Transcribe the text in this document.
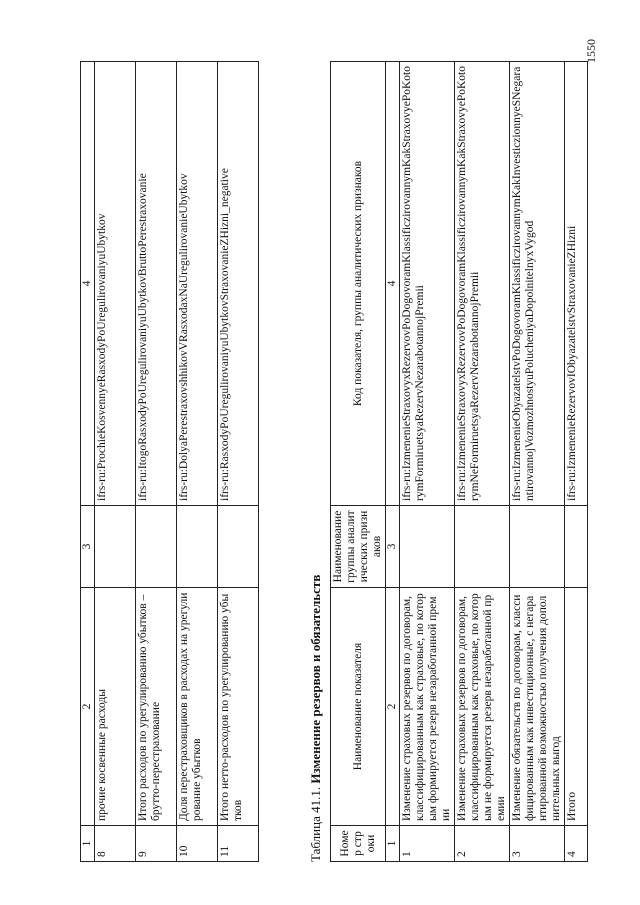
1	2	3	4
8	прочие косвенные расходы		ifrs-ru:ProchieKosvennyeRasxodyPoUregulirovaniyuUbytkov
9	Итого расходов по урегулированию убытков – брутто-перестрахование		ifrs-ru:ItogoRasxodyPoUregulirovaniyuUbytkovBruttoPerestraxovanie
10	Доля перестраховщиков в расходах на урегулирование убытков		ifrs-ru:DolyaPerestraxovshhikovVRasxodaxNaUregulirovanieUbytkov
11	Итого нетто-расходов по урегулированию убытков		ifrs-ru:RasxodyPoUregulirovaniyuUbytkovStraxovanieZHizni_negative
Таблица 41.1. Изменение резервов и обязательств
Номер строки	Наименование показателя	Наименование группы аналитических признаков	Код показателя, группы аналитических признаков
1	2	3	4
1	Изменение страховых резервов по договорам, классифицированным как страховые, по которым формируется резерв незаработанной премии		ifrs-ru:IzmenenieStraxovyxRezervovPoDogovoramKlassificzirovannymKakStraxovyePoKotorymFormiruetsyaRezervNezarabotannojPremii
2	Изменение страховых резервов по договорам, классифицированным как страховые, по которым не формируется резерв незаработанной премии		ifrs-ru:IzmenenieStraxovyxRezervovPoDogovoramKlassificzirovannymKakStraxovyePoKotorymNeFormiruetsyaRezervNezarabotannojPremii
3	Изменение обязательств по договорам, классифицированным как инвестиционные, с негарантированной возможностью получения дополнительных выгод		ifrs-ru:IzmenenieObyazatelstvPoDogovoramKlassificzirovannymKakInvesticzionnyeSNegarantirovannojVozmozhnostyuPolucheniyaDopolnitelnyxVygod
4	Итого		ifrs-ru:IzmenenieRezervovIObyazatelstvStraxovanieZHizni
1550
